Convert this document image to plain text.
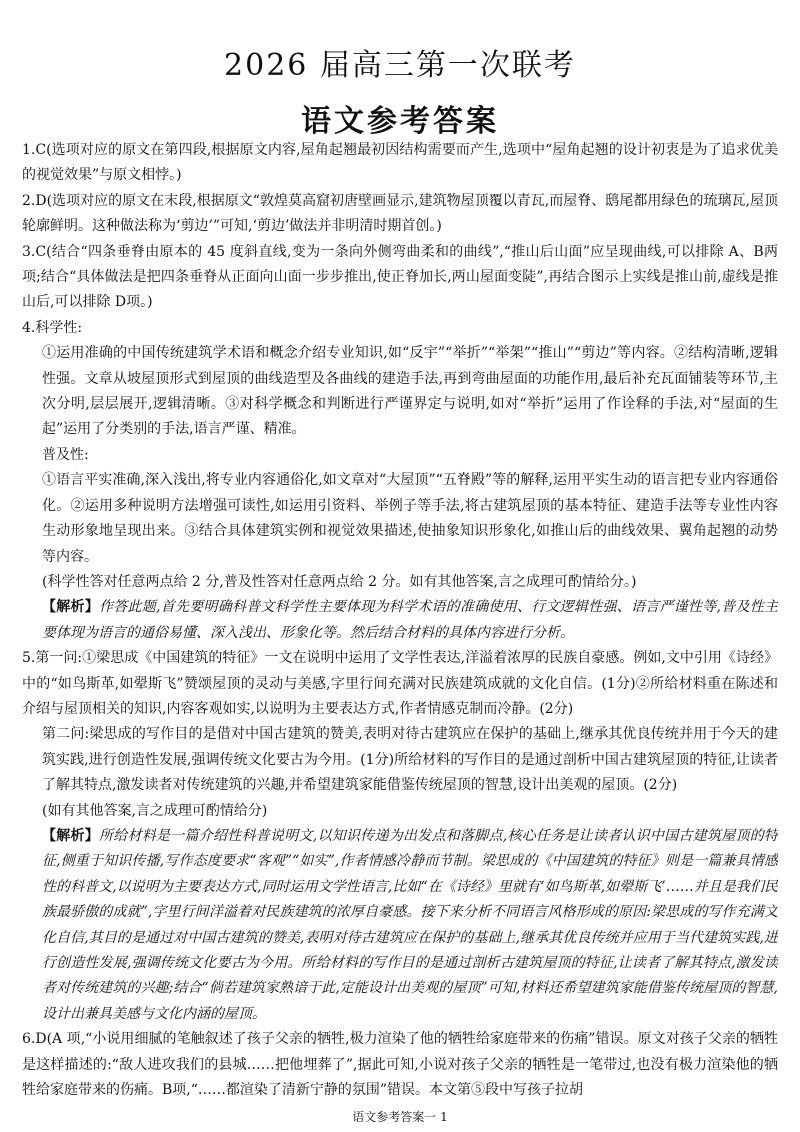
2026 届高三第一次联考
语文参考答案

1.C(选项对应的原文在第四段,根据原文内容,屋角起翘最初因结构需要而产生,选项中“屋角起翘的设计初衷是为了追求优美的视觉效果”与原文相悖。)

2.D(选项对应的原文在末段,根据原文“敦煌莫高窟初唐壁画显示,建筑物屋顶覆以青瓦,而屋脊、鸱尾都用绿色的琉璃瓦,屋顶轮廓鲜明。这种做法称为‘剪边’”可知,‘剪边’做法并非明清时期首创。)

3.C(结合“四条垂脊由原本的 45 度斜直线,变为一条向外侧弯曲柔和的曲线”,“推山后山面”应呈现曲线,可以排除 A、B两项;结合“具体做法是把四条垂脊从正面向山面一步步推出,使正脊加长,两山屋面变陡”,再结合图示上实线是推山前,虚线是推山后,可以排除 D项。)

4.科学性:

①运用准确的中国传统建筑学术语和概念介绍专业知识,如“反宇”“举折”“举架”“推山”“剪边”等内容。②结构清晰,逻辑性强。文章从坡屋顶形式到屋顶的曲线造型及各曲线的建造手法,再到弯曲屋面的功能作用,最后补充瓦面铺装等环节,主次分明,层层展开,逻辑清晰。③对科学概念和判断进行严谨界定与说明,如对“举折”运用了作诠释的手法,对“屋面的生起”运用了分类别的手法,语言严谨、精准。

普及性:

①语言平实准确,深入浅出,将专业内容通俗化,如文章对“大屋顶”“五脊殿”等的解释,运用平实生动的语言把专业内容通俗化。②运用多种说明方法增强可读性,如运用引资料、举例子等手法,将古建筑屋顶的基本特征、建造手法等专业性内容生动形象地呈现出来。③结合具体建筑实例和视觉效果描述,使抽象知识形象化,如推山后的曲线效果、翼角起翘的动势等内容。

(科学性答对任意两点给 2 分,普及性答对任意两点给 2 分。如有其他答案,言之成理可酌情给分。)

【解析】作答此题,首先要明确科普文科学性主要体现为科学术语的准确使用、行文逻辑性强、语言严谨性等,普及性主要体现为语言的通俗易懂、深入浅出、形象化等。然后结合材料的具体内容进行分析。

5.第一问:①梁思成《中国建筑的特征》一文在说明中运用了文学性表达,洋溢着浓厚的民族自豪感。例如,文中引用《诗经》中的“如鸟斯革,如翚斯飞”赞颂屋顶的灵动与美感,字里行间充满对民族建筑成就的文化自信。(1分)②所给材料重在陈述和介绍与屋顶相关的知识,内容客观如实,以说明为主要表达方式,作者情感克制而冷静。(2分)

第二问:梁思成的写作目的是借对中国古建筑的赞美,表明对待古建筑应在保护的基础上,继承其优良传统并用于今天的建筑实践,进行创造性发展,强调传统文化要古为今用。(1分)所给材料的写作目的是通过剖析中国古建筑屋顶的特征,让读者了解其特点,激发读者对传统建筑的兴趣,并希望建筑家能借鉴传统屋顶的智慧,设计出美观的屋顶。(2分)

(如有其他答案,言之成理可酌情给分)

【解析】所给材料是一篇介绍性科普说明文,以知识传递为出发点和落脚点,核心任务是让读者认识中国古建筑屋顶的特征,侧重于知识传播,写作态度要求“客观”“如实”,作者情感冷静而节制。梁思成的《中国建筑的特征》则是一篇兼具情感性的科普文,以说明为主要表达方式,同时运用文学性语言,比如“在《诗经》里就有‘如鸟斯革,如翚斯飞’……并且是我们民族最骄傲的成就”,字里行间洋溢着对民族建筑的浓厚自豪感。接下来分析不同语言风格形成的原因:梁思成的写作充满文化自信,其目的是通过对中国古建筑的赞美,表明对待古建筑应在保护的基础上,继承其优良传统并应用于当代建筑实践,进行创造性发展,强调传统文化要古为今用。所给材料的写作目的是通过剖析古建筑屋顶的特征,让读者了解其特点,激发读者对传统建筑的兴趣;结合“倘若建筑家熟谙于此,定能设计出美观的屋顶”可知,材料还希望建筑家能借鉴传统屋顶的智慧,设计出兼具美感与文化内涵的屋顶。

6.D(A 项,“小说用细腻的笔触叙述了孩子父亲的牺牲,极力渲染了他的牺牲给家庭带来的伤痛”错误。原文对孩子父亲的牺牲是这样描述的:“敌人进攻我们的县城……把他埋葬了”,据此可知,小说对孩子父亲的牺牲是一笔带过,也没有极力渲染他的牺牲给家庭带来的伤痛。B项,“……都渲染了清新宁静的氛围”错误。本文第⑤段中写孩子拉胡

语文参考答案一 1
